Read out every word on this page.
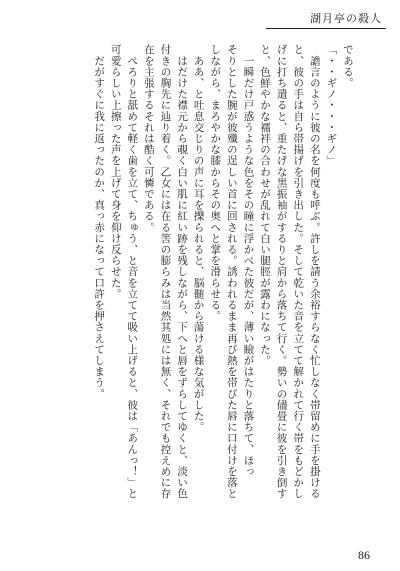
湖月亭の殺人

である。

「・・ギノ・・・ギノ」

　譫言のように彼の名を何度も呼ぶ。許しを請う余裕すらなく忙しなく帯留めに手を掛ける

と、彼の手は自ら帯揚げを引き出した。そして乾いた音を立てて解かれて行く帯をもどかし

げに打ち遣ると、重たげな黒振袖がするりと肩から落ちて行く。勢いの儘畳に彼を引き倒す

と、色鮮やかな襦袢の合わせが乱れて白い腿脛が露わになった。

　一瞬だけ戸惑うような色をその瞳に浮かべた彼だが、薄い瞼がはたりと落ちて、ほっ

そりとした腕が彼殲の逞しい首に回される。誘われるまま再び熱を帯びた唇に口付けを落と

しながら、まろやかな膝からその奥へと掌を滑らせる。

　ああ、と吐息交じりの声に耳を擽られると、脳髄から蕩ける様な気がした。

　はだけた襟元から覗く白い肌に紅い跡を残しながら、下へと唇をずらしてゆくと、淡い色

付きの胸先に辿り着く。乙女には在る筈の膨らみは当然其処には無く、それでも控えめに存

在を主張するそれは酷く可憐である。

　ぺろりと舐めて軽く歯を立て、ちゅう、と音を立てて吸い上げると、彼は「あんっ！」と

可愛らしい上擦った声を上げて身を仰け反らせた。

　だがすぐに我に返ったのか、真っ赤になって口許を押さえてしまう。

86
